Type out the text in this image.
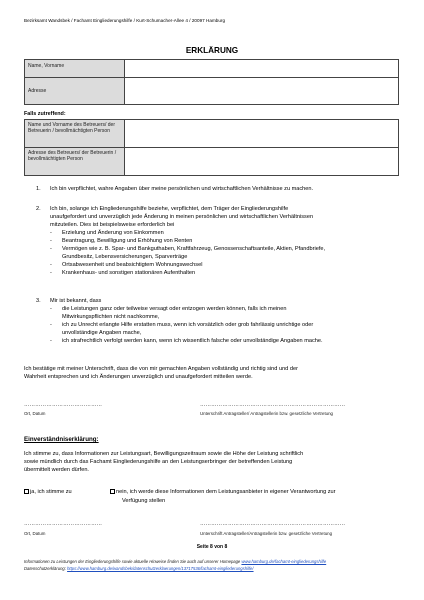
Bezirksamt Wandsbek / Fachamt Eingliederungshilfe / Kurt-Schumacher-Allee 4 / 20097 Hamburg
ERKLÄRUNG
Name, Vorname	
Adresse	
Falls zutreffend:
Name und Vorname des Betreuers/ der Betreuerin / bevollmächtigten Person	
Adresse des Betreuers/ der Betreuerin / bevollmächtigten Person	
1. Ich bin verpflichtet, wahre Angaben über meine persönlichen und wirtschaftlichen Verhältnisse zu machen.
2. Ich bin, solange ich Eingliederungshilfe beziehe, verpflichtet, dem Träger der Eingliederungshilfe
unaufgefordert und unverzüglich jede Änderung in meinen persönlichen und wirtschaftlichen Verhältnissen
mitzuteilen. Dies ist beispielsweise erforderlich bei
- Erzielung und Änderung von Einkommen
- Beantragung, Bewilligung und Erhöhung von Renten
- Vermögen wie z. B. Spar- und Bankguthaben, Kraftfahrzeug, Genossenschaftsanteile, Aktien, Pfandbriefe,
Grundbesitz, Lebensversicherungen, Sparverträge
- Ortsabwesenheit und beabsichtigtem Wohnungswechsel
- Krankenhaus- und sonstigen stationären Aufenthalten
3. Mir ist bekannt, dass
- die Leistungen ganz oder teilweise versagt oder entzogen werden können, falls ich meinen
Mitwirkungspflichten nicht nachkomme,
- ich zu Unrecht erlangte Hilfe erstatten muss, wenn ich vorsätzlich oder grob fahrlässig unrichtige oder
unvollständige Angaben mache,
- ich strafrechtlich verfolgt werden kann, wenn ich wissentlich falsche oder unvollständige Angaben mache.
Ich bestätige mit meiner Unterschrift, dass die von mir gemachten Angaben vollständig und richtig sind und der
Wahrheit entsprechen und ich Änderungen unverzüglich und unaufgefordert mitteilen werde.
……………………………………	……………………………………………………………………
Ort, Datum	Unterschrift Antragsteller/ Antragstellerin bzw. gesetzliche Vertretung
Einverständniserklärung:
Ich stimme zu, dass Informationen zur Leistungsart, Bewilligungszeitraum sowie die Höhe der Leistung schriftlich
sowie mündlich durch das Fachamt Eingliederungshilfe an den Leistungserbringer der betreffenden Leistung
übermittelt werden dürfen.
ja, ich stimme zu	nein, ich werde diese Informationen dem Leistungsanbieter in eigener Verantwortung zur
Verfügung stellen
……………………………………	……………………………………………………………………
Ort, Datum	Unterschrift Antragsteller/Antragstellerin bzw. gesetzliche Vertretung
Seite 8 von 8
Informationen zu Leistungen der Eingliederungshilfe sowie aktuelle Hinweise finden Sie auch auf unserer Homepage www.hamburg.de/fachamt-eingliederungshilfe
Datenschutzerklärung: https://www.hamburg.de/wandsbek/datenschutzerklaerungen/13717536/fachamt-eingliederungshilfe/
